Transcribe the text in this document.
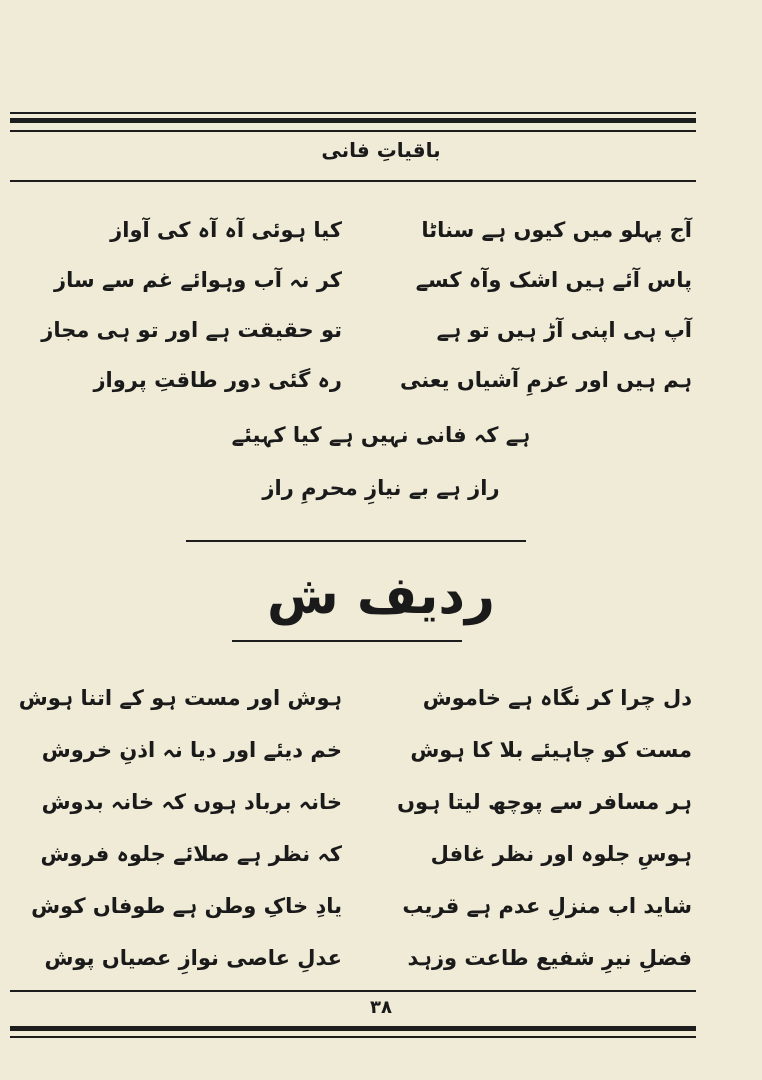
باقیاتِ فانی
آج پہلو میں کیوں ہے سناٹا
کیا ہوئی آہ آہ کی آواز
پاس آئے ہیں اشک وآہ کسے
کر نہ آب وہوائے غم سے ساز
آپ ہی اپنی آڑ ہیں تو ہے
تو حقیقت ہے اور تو ہی مجاز
ہم ہیں اور عزمِ آشیاں یعنی
رہ گئی دور طاقتِ پرواز
ہے کہ فانی نہیں ہے کیا کہیئے
راز ہے بے نیازِ محرمِ راز
ردیف ش
دل چرا کر نگاہ ہے خاموش
ہوش اور مست ہو کے اتنا ہوش
مست کو چاہیئے بلا کا ہوش
خم دیئے اور دیا نہ اذنِ خروش
ہر مسافر سے پوچھ لیتا ہوں
خانہ برباد ہوں کہ خانہ بدوش
ہوسِ جلوہ اور نظر غافل
کہ نظر ہے صلائے جلوہ فروش
شاید اب منزلِ عدم ہے قریب
یادِ خاکِ وطن ہے طوفاں کوش
فضلِ نیرِ شفیع طاعت وزہد
عدلِ عاصی نوازِ عصیاں پوش
٣٨
